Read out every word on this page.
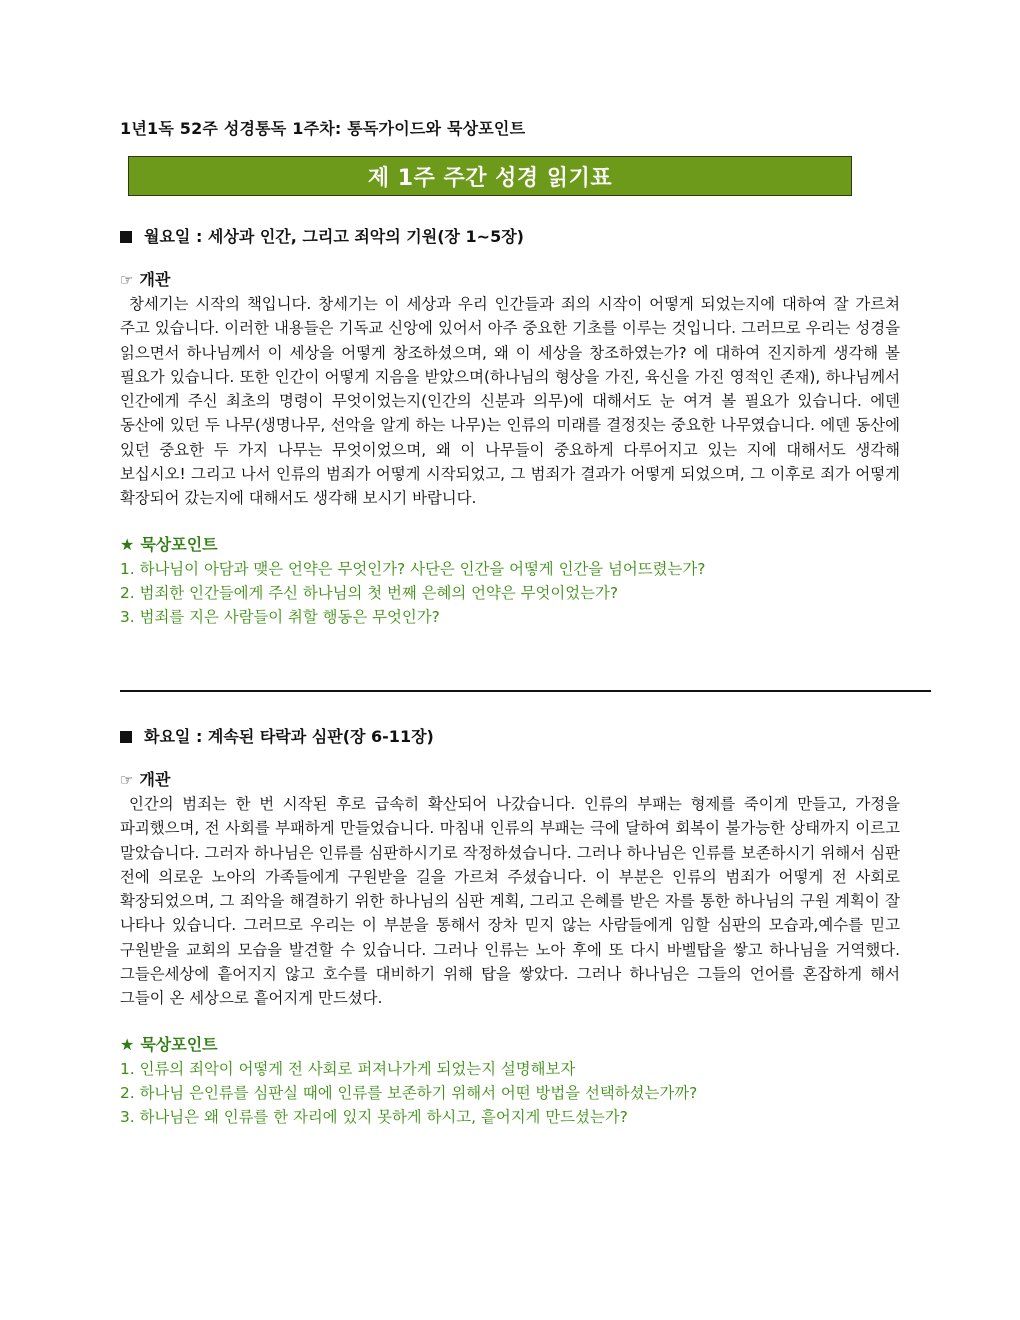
1년1독 52주 성경통독 1주차: 통독가이드와 묵상포인트
제 1주 주간 성경 읽기표
월요일 : 세상과 인간, 그리고 죄악의 기원(장 1~5장)
☞ 개관
창세기는 시작의 책입니다. 창세기는 이 세상과 우리 인간들과 죄의 시작이 어떻게 되었는지에 대하여 잘 가르쳐 주고 있습니다. 이러한 내용들은 기독교 신앙에 있어서 아주 중요한 기초를 이루는 것입니다. 그러므로 우리는 성경을 읽으면서 하나님께서 이 세상을 어떻게 창조하셨으며, 왜 이 세상을 창조하였는가? 에 대하여 진지하게 생각해 볼 필요가 있습니다. 또한 인간이 어떻게 지음을 받았으며(하나님의 형상을 가진, 육신을 가진 영적인 존재), 하나님께서 인간에게 주신 최초의 명령이 무엇이었는지(인간의 신분과 의무)에 대해서도 눈 여겨 볼 필요가 있습니다. 에덴 동산에 있던 두 나무(생명나무, 선악을 알게 하는 나무)는 인류의 미래를 결정짓는 중요한 나무였습니다. 에덴 동산에 있던 중요한 두 가지 나무는 무엇이었으며, 왜 이 나무들이 중요하게 다루어지고 있는 지에 대해서도 생각해 보십시오! 그리고 나서 인류의 범죄가 어떻게 시작되었고, 그 범죄가 결과가 어떻게 되었으며, 그 이후로 죄가 어떻게 확장되어 갔는지에 대해서도 생각해 보시기 바랍니다.
★ 묵상포인트
1. 하나님이 아담과 맺은 언약은 무엇인가? 사단은 인간을 어떻게 인간을 넘어뜨렸는가?
2. 범죄한 인간들에게 주신 하나님의 첫 번째 은혜의 언약은 무엇이었는가?
3. 범죄를 지은 사람들이 취할 행동은 무엇인가?
화요일 : 계속된 타락과 심판(장 6-11장)
☞ 개관
인간의 범죄는 한 번 시작된 후로 급속히 확산되어 나갔습니다. 인류의 부패는 형제를 죽이게 만들고, 가정을 파괴했으며, 전 사회를 부패하게 만들었습니다. 마침내 인류의 부패는 극에 달하여 회복이 불가능한 상태까지 이르고 말았습니다. 그러자 하나님은 인류를 심판하시기로 작정하셨습니다. 그러나 하나님은 인류를 보존하시기 위해서 심판 전에 의로운 노아의 가족들에게 구원받을 길을 가르쳐 주셨습니다. 이 부분은 인류의 범죄가 어떻게 전 사회로 확장되었으며, 그 죄악을 해결하기 위한 하나님의 심판 계획, 그리고 은혜를 받은 자를 통한 하나님의 구원 계획이 잘 나타나 있습니다. 그러므로 우리는 이 부분을 통해서 장차 믿지 않는 사람들에게 임할 심판의 모습과,예수를 믿고 구원받을 교회의 모습을 발견할 수 있습니다. 그러나 인류는 노아 후에 또 다시 바벨탑을 쌓고 하나님을 거역했다. 그들은세상에 흩어지지 않고 호수를 대비하기 위해 탑을 쌓았다. 그러나 하나님은 그들의 언어를 혼잡하게 해서 그들이 온 세상으로 흩어지게 만드셨다.
★ 묵상포인트
1. 인류의 죄악이 어떻게 전 사회로 퍼져나가게 되었는지 설명해보자
2. 하나님 은인류를 심판실 때에 인류를 보존하기 위해서 어떤 방법을 선택하셨는가까?
3. 하나님은 왜 인류를 한 자리에 있지 못하게 하시고, 흩어지게 만드셨는가?
